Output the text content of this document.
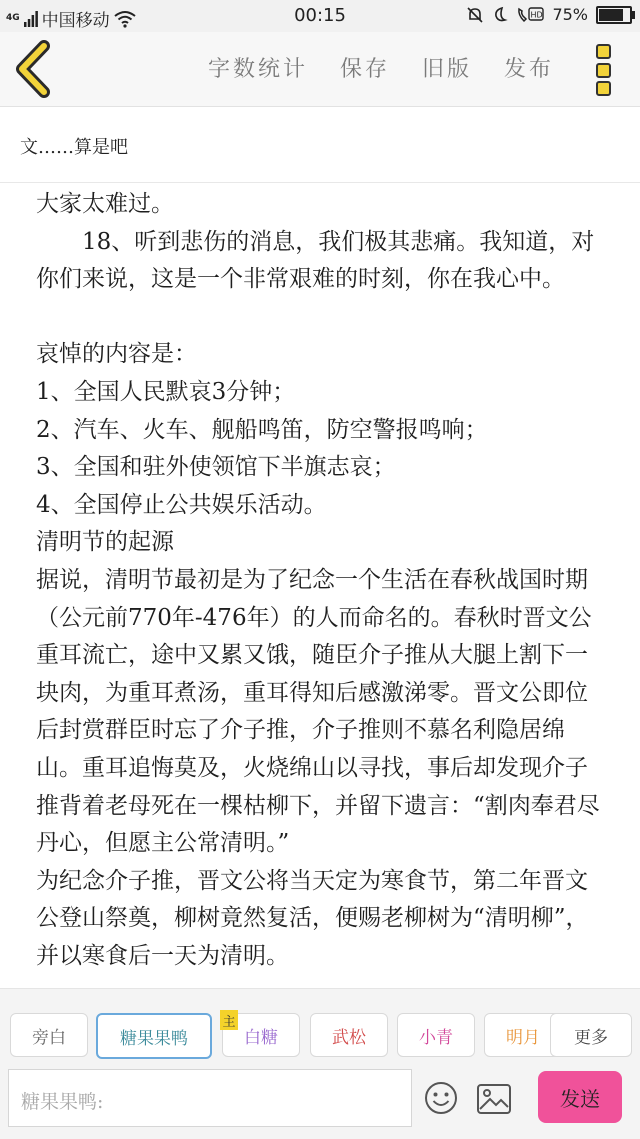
4G 中国移动	00:15	HD 75%
字数统计 保存 旧版 发布
文……算是吧

大家太难过。

18、听到悲伤的消息，我们极其悲痛。我知道，对你们来说，这是一个非常艰难的时刻，你在我心中。

哀悼的内容是：

1、全国人民默哀3分钟；

2、汽车、火车、舰船鸣笛，防空警报鸣响；

3、全国和驻外使领馆下半旗志哀；

4、全国停止公共娱乐活动。

清明节的起源

据说，清明节最初是为了纪念一个生活在春秋战国时期（公元前770年-476年）的人而命名的。春秋时晋文公重耳流亡，途中又累又饿，随臣介子推从大腿上割下一块肉，为重耳煮汤，重耳得知后感激涕零。晋文公即位后封赏群臣时忘了介子推，介子推则不慕名利隐居绵山。重耳追悔莫及，火烧绵山以寻找，事后却发现介子推背着老母死在一棵枯柳下，并留下遗言：“割肉奉君尽丹心，但愿主公常清明。”

为纪念介子推，晋文公将当天定为寒食节，第二年晋文公登山祭奠，柳树竟然复活，便赐老柳树为“清明柳”，并以寒食后一天为清明。

旁白	糖果果鸭	白糖	武松	小青	明月
主
更多
糖果果鸭:	发送
